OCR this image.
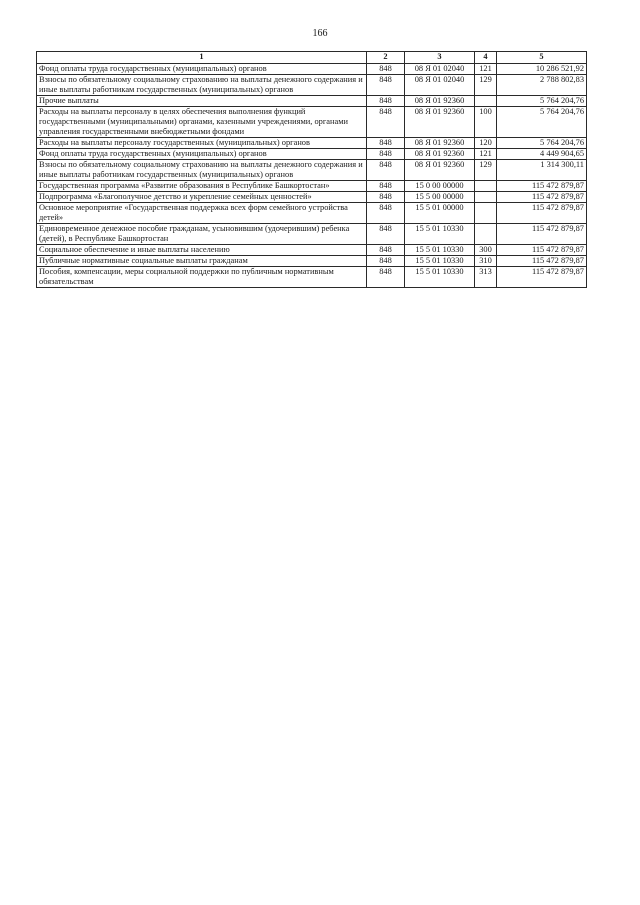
166
1	2	3	4	5
Фонд оплаты труда государственных (муниципальных) органов	848	08 Я 01 02040	121	10 286 521,92
Взносы по обязательному социальному страхованию на выплаты денежного содержания и иные выплаты работникам государственных (муниципальных) органов	848	08 Я 01 02040	129	2 788 802,83
Прочие выплаты	848	08 Я 01 92360		5 764 204,76
Расходы на выплаты персоналу в целях обеспечения выполнения функций государственными (муниципальными) органами, казенными учреждениями, органами управления государственными внебюджетными фондами	848	08 Я 01 92360	100	5 764 204,76
Расходы на выплаты персоналу государственных (муниципальных) органов	848	08 Я 01 92360	120	5 764 204,76
Фонд оплаты труда государственных (муниципальных) органов	848	08 Я 01 92360	121	4 449 904,65
Взносы по обязательному социальному страхованию на выплаты денежного содержания и иные выплаты работникам государственных (муниципальных) органов	848	08 Я 01 92360	129	1 314 300,11
Государственная программа «Развитие образования в Республике Башкортостан»	848	15 0 00 00000		115 472 879,87
Подпрограмма «Благополучное детство и укрепление семейных ценностей»	848	15 5 00 00000		115 472 879,87
Основное мероприятие «Государственная поддержка всех форм семейного устройства детей»	848	15 5 01 00000		115 472 879,87
Единовременное денежное пособие гражданам, усыновившим (удочерившим) ребенка (детей), в Республике Башкортостан	848	15 5 01 10330		115 472 879,87
Социальное обеспечение и иные выплаты населению	848	15 5 01 10330	300	115 472 879,87
Публичные нормативные социальные выплаты гражданам	848	15 5 01 10330	310	115 472 879,87
Пособия, компенсации, меры социальной поддержки по публичным нормативным обязательствам	848	15 5 01 10330	313	115 472 879,87
